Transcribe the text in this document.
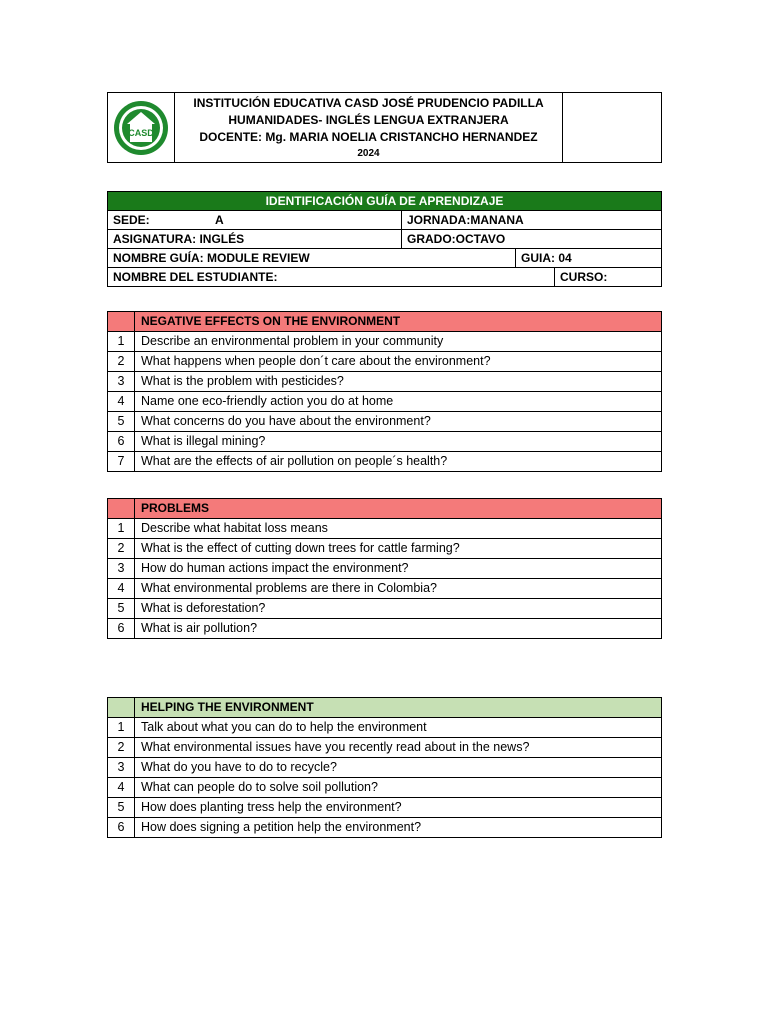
CASD
INSTITUCIÓN EDUCATIVA CASD JOSÉ PRUDENCIO PADILLA
HUMANIDADES- INGLÉS LENGUA EXTRANJERA
DOCENTE: Mg. MARIA NOELIA CRISTANCHO HERNANDEZ
2024
IDENTIFICACIÓN GUÍA DE APRENDIZAJE
SEDE:	A	JORNADA:MANANA
ASIGNATURA: INGLÉS	GRADO:OCTAVO
NOMBRE GUÍA: MODULE REVIEW	GUIA: 04
NOMBRE DEL ESTUDIANTE:	CURSO:
NEGATIVE EFFECTS ON THE ENVIRONMENT
1	Describe an environmental problem in your community
2	What happens when people don´t care about the environment?
3	What is the problem with pesticides?
4	Name one eco-friendly action you do at home
5	What concerns do you have about the environment?
6	What is illegal mining?
7	What are the effects of air pollution on people´s health?
PROBLEMS
1	Describe what habitat loss means
2	What is the effect of cutting down trees for cattle farming?
3	How do human actions impact the environment?
4	What environmental problems are there in Colombia?
5	What is deforestation?
6	What is air pollution?
HELPING THE ENVIRONMENT
1	Talk about what you can do to help the environment
2	What environmental issues have you recently read about in the news?
3	What do you have to do to recycle?
4	What can people do to solve soil pollution?
5	How does planting tress help the environment?
6	How does signing a petition help the environment?
